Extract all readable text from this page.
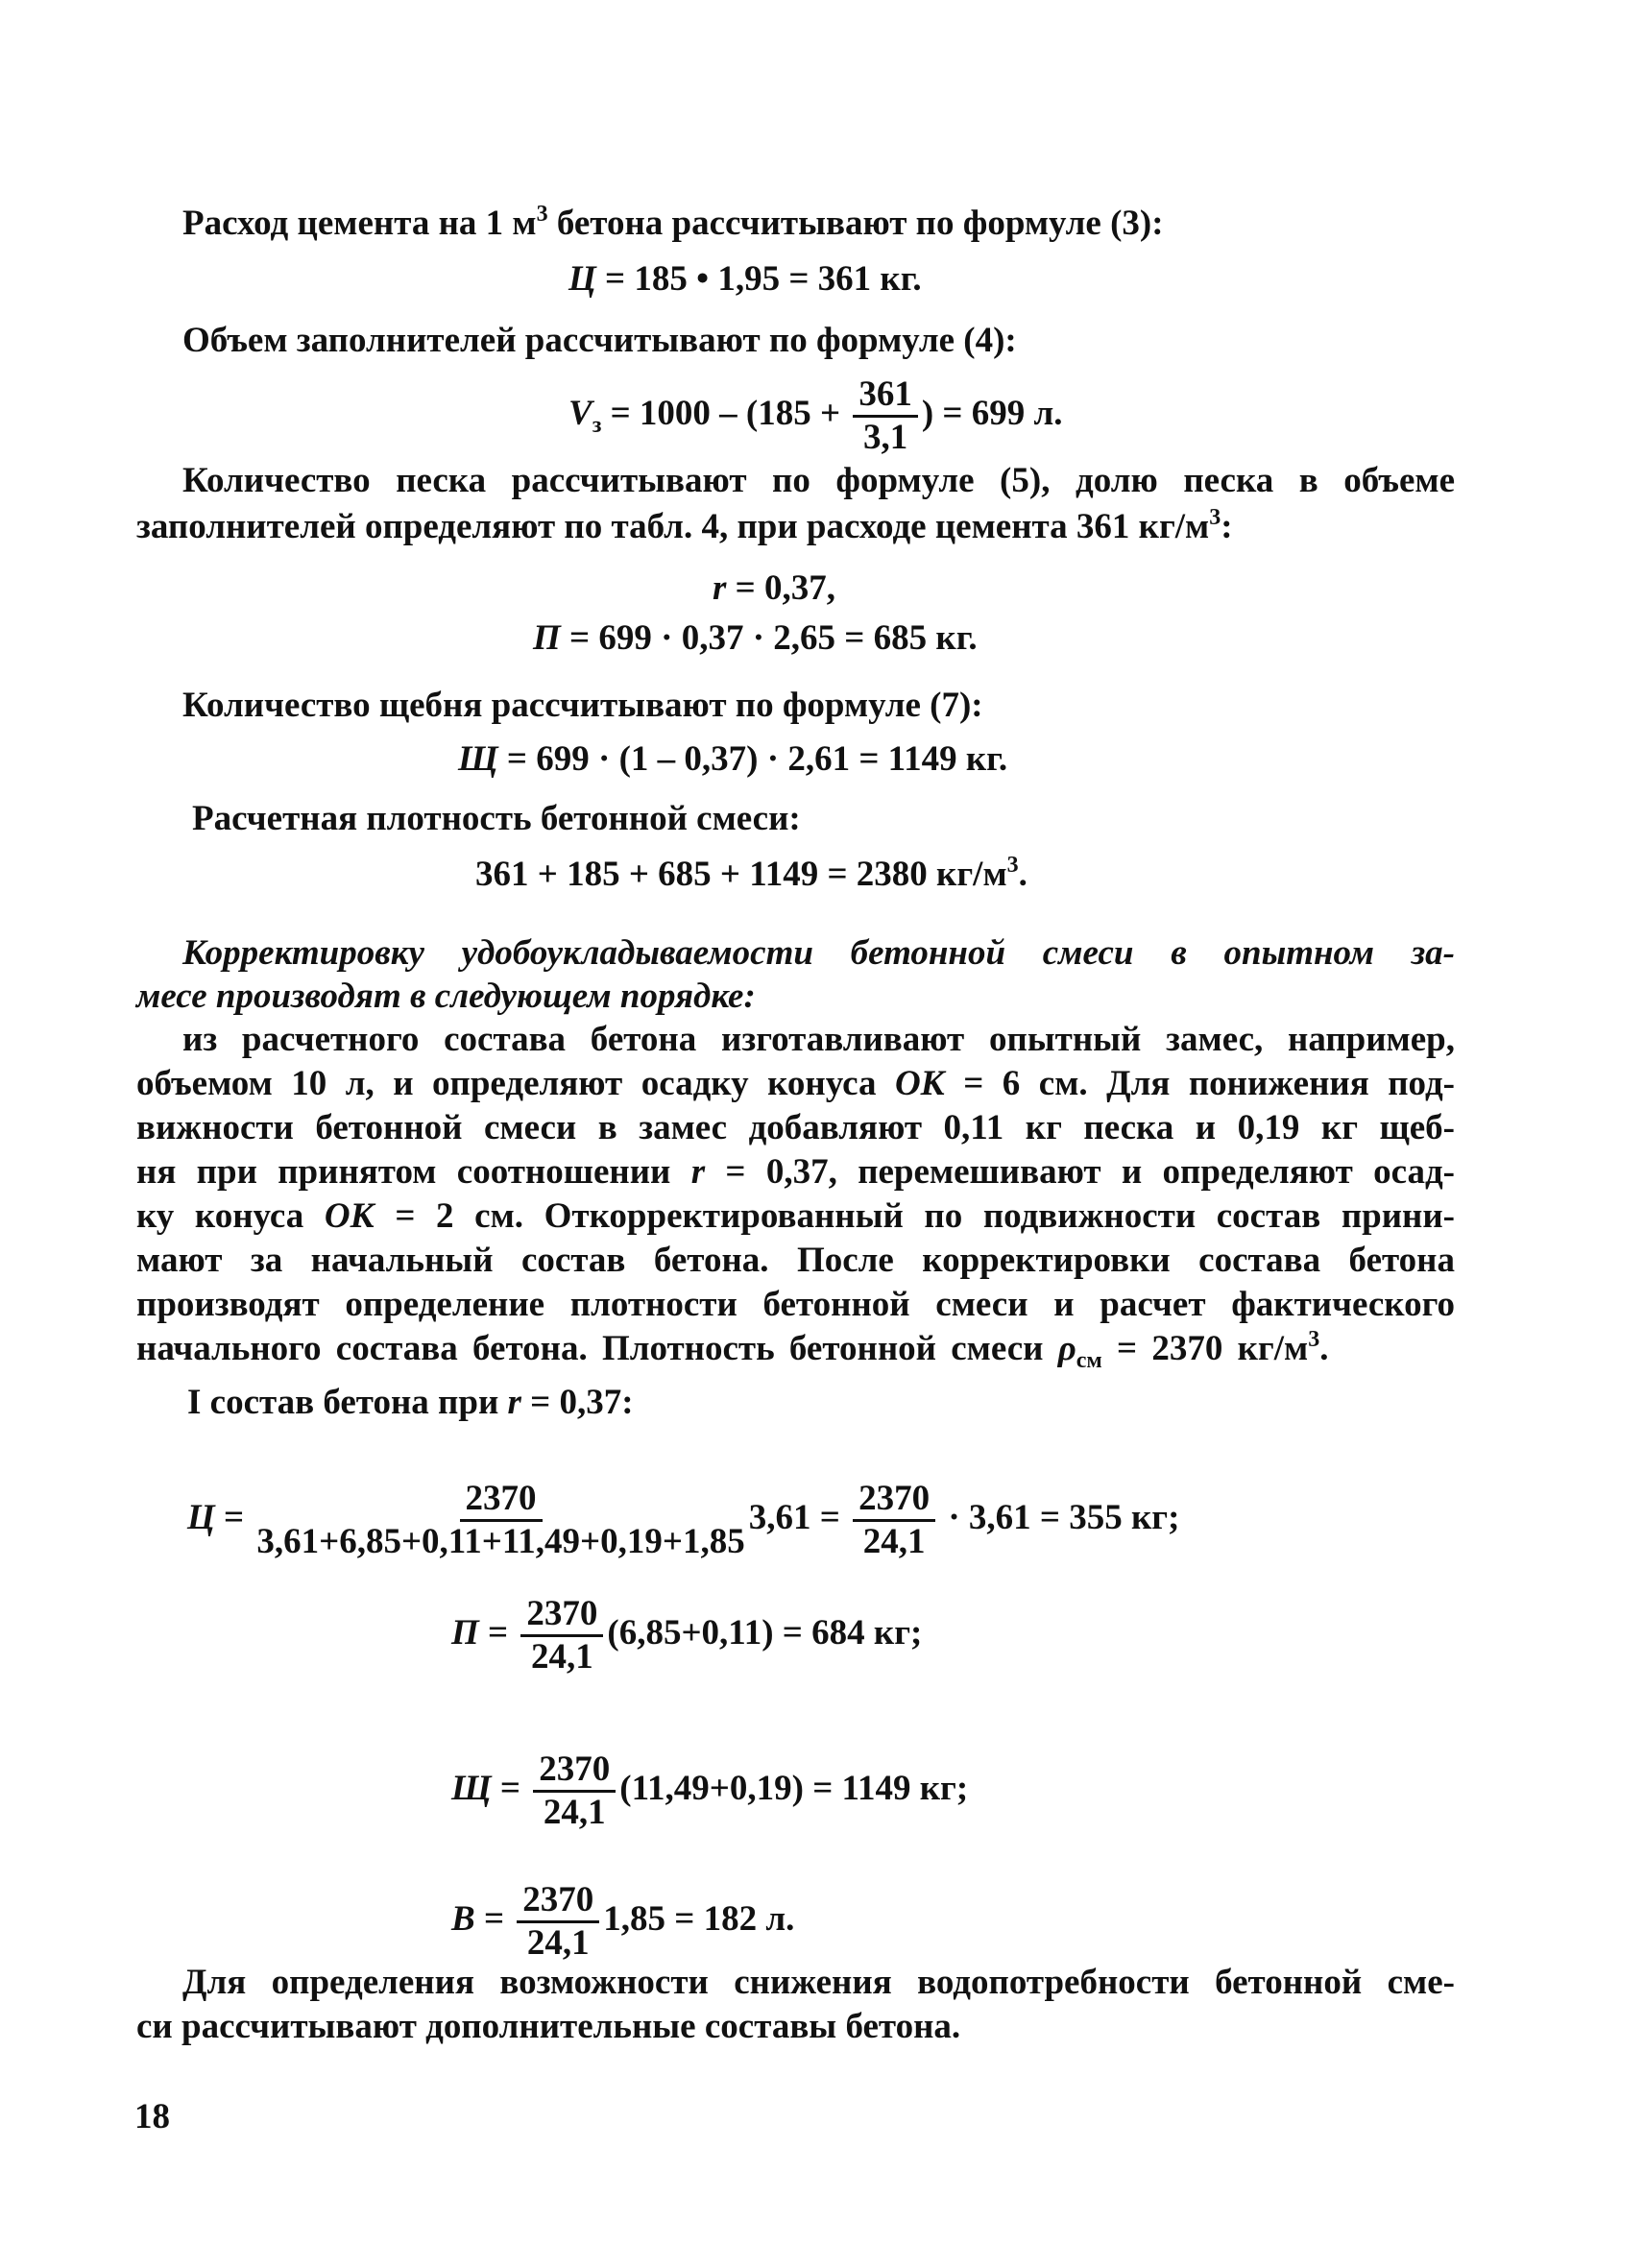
Расход цемента на 1 $м^3$ бетона рассчитывают по формуле (3):
Ц = 185 • 1,95 = 361 кг.
Объем заполнителей рассчитывают по формуле (4):
$V_з = 1000 - (185 + \frac{361}{3,1}$ ) = 699 л.
Количество песка рассчитывают по формуле (5), долю песка в объеме
заполнителей определяют по табл. 4, при расходе цемента 361 $кг/м^3$:
r = 0,37,
П = 699 · 0,37 · 2,65 = 685 кг.
Количество щебня рассчитывают по формуле (7):
Щ = 699 · (1 – 0,37) · 2,61 = 1149 кг.
Расчетная плотность бетонной смеси:
361 + 185 + 685 + 1149 = 2380 $кг/м^3$.
Корректировку удобоукладываемости бетонной смеси в опытном за-
месе производят в следующем порядке:
из расчетного состава бетона изготавливают опытный замес, например,
объемом 10 л, и определяют осадку конуса ОК = 6 см. Для понижения под-
вижности бетонной смеси в замес добавляют 0,11 кг песка и 0,19 кг щеб-
ня при принятом соотношении r = 0,37, перемешивают и определяют осад-
ку конуса ОК = 2 см. Откорректированный по подвижности состав прини-
мают за начальный состав бетона. После корректировки состава бетона
производят определение плотности бетонной смеси и расчет фактического
начального состава бетона. Плотность бетонной смеси $\rho_{см} = 2370$ $кг/м^3$.
I состав бетона при r = 0,37:
$Ц = \frac{2370}{3,61+6,85+0,11+11,49+0,19+1,85} 3,61 = \frac{2370}{24,1} \cdot 3,61 = 355$ кг;
$П = \frac{2370}{24,1} (6,85+0,11) = 684$ кг;
$Щ = \frac{2370}{24,1} (11,49+0,19) = 1149$ кг;
$В = \frac{2370}{24,1} 1,85 = 182$ л.
Для определения возможности снижения водопотребности бетонной сме-
си рассчитывают дополнительные составы бетона.
18
